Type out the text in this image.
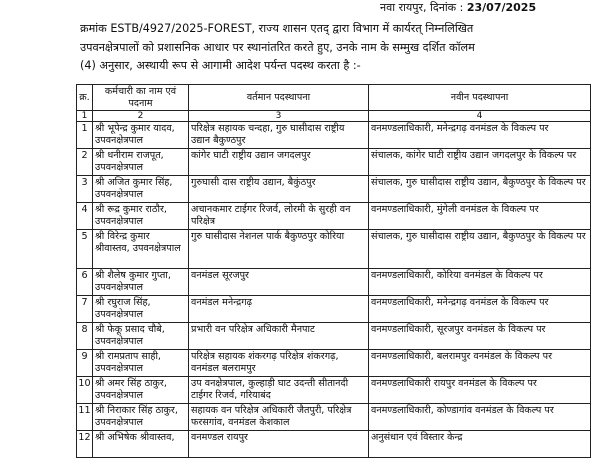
नवा रायपुर, दिनांक : 23/07/2025

क्रमांक ESTB/4927/2025-FOREST, राज्य शासन एतद् द्वारा विभाग में कार्यरत् निम्नलिखित

उपवनक्षेत्रपालों को प्रशासनिक आधार पर स्थानांतरित करते हुए, उनके नाम के सम्मुख दर्शित कॉलम

(4) अनुसार, अस्थायी रूप से आगामी आदेश पर्यन्त पदस्थ करता है :-

क्र.	कर्मचारी का नाम एवं पदनाम	वर्तमान पदस्थापना	नवीन पदस्थापना
1	2	3	4
1	श्री भूपेन्द्र कुमार यादव, उपवनक्षेत्रपाल	परिक्षेत्र सहायक चन्दहा, गुरु घासीदास राष्ट्रीय उद्यान बैकुण्ठपुर	वनमण्डलाधिकारी, मनेन्द्रगढ़ वनमंडल के विकल्प पर
2	श्री धनीराम राजपूत, उपवनक्षेत्रपाल	कांगेर घाटी राष्ट्रीय उद्यान जगदलपुर	संचालक, कांगेर घाटी राष्ट्रीय उद्यान जगदलपुर के विकल्प पर
3	श्री अजित कुमार सिंह, उपवनक्षेत्रपाल	गुरुघासी दास राष्ट्रीय उद्यान, बैकुंठपुर	संचालक, गुरु घासीदास राष्ट्रीय उद्यान, बैकुण्ठपुर के विकल्प पर
4	श्री रूद्र कुमार राठौर, उपवनक्षेत्रपाल	अचानकमार टाईगर रिजर्व, लोरमी के सुरही वन परिक्षेत्र	वनमण्डलाधिकारी, मुंगेली वनमंडल के विकल्प पर
5	श्री विरेन्द्र कुमार श्रीवास्तव, उपवनक्षेत्रपाल	गुरु घासीदास नेशनल पार्क बैकुण्ठपुर कोरिया	संचालक, गुरु घासीदास राष्ट्रीय उद्यान, बैकुण्ठपुर के विकल्प पर
6	श्री शैलेष कुमार गुप्ता, उपवनक्षेत्रपाल	वनमंडल सूरजपुर	वनमण्डलाधिकारी, कोरिया वनमंडल के विकल्प पर
7	श्री रघुराज सिंह, उपवनक्षेत्रपाल	वनमंडल मनेन्द्रगढ़	वनमण्डलाधिकारी, मनेन्द्रगढ़ वनमंडल के विकल्प पर
8	श्री फेकू प्रसाद चौबे, उपवनक्षेत्रपाल	प्रभारी वन परिक्षेत्र अधिकारी मैनपाट	वनमण्डलाधिकारी, सूरजपुर वनमंडल के विकल्प पर
9	श्री रामप्रताप साही, उपवनक्षेत्रपाल	परिक्षेत्र सहायक शंकरगढ़ परिक्षेत्र शंकरगढ़, वनमंडल बलरामपुर	वनमण्डलाधिकारी, बलरामपुर वनमंडल के विकल्प पर
10	श्री अमर सिंह ठाकुर, उपवनक्षेत्रपाल	उप वनक्षेत्रपाल, कुल्हाड़ी घाट उदन्ती सीतानदी टाईगर रिजर्व, गरियाबंद	वनमण्डलाधिकारी रायपुर वनमंडल के विकल्प पर
11	श्री निराकार सिंह ठाकुर, उपवनक्षेत्रपाल	सहायक वन परिक्षेत्र अधिकारी जैतपुरी, परिक्षेत्र फरसगांव, वनमंडल केशकाल	वनमण्डलाधिकारी, कोण्डागांव वनमंडल के विकल्प पर
12	श्री अभिषेक श्रीवास्तव,	वनमण्डल रायपुर	अनुसंधान एवं विस्तार केन्द्र
